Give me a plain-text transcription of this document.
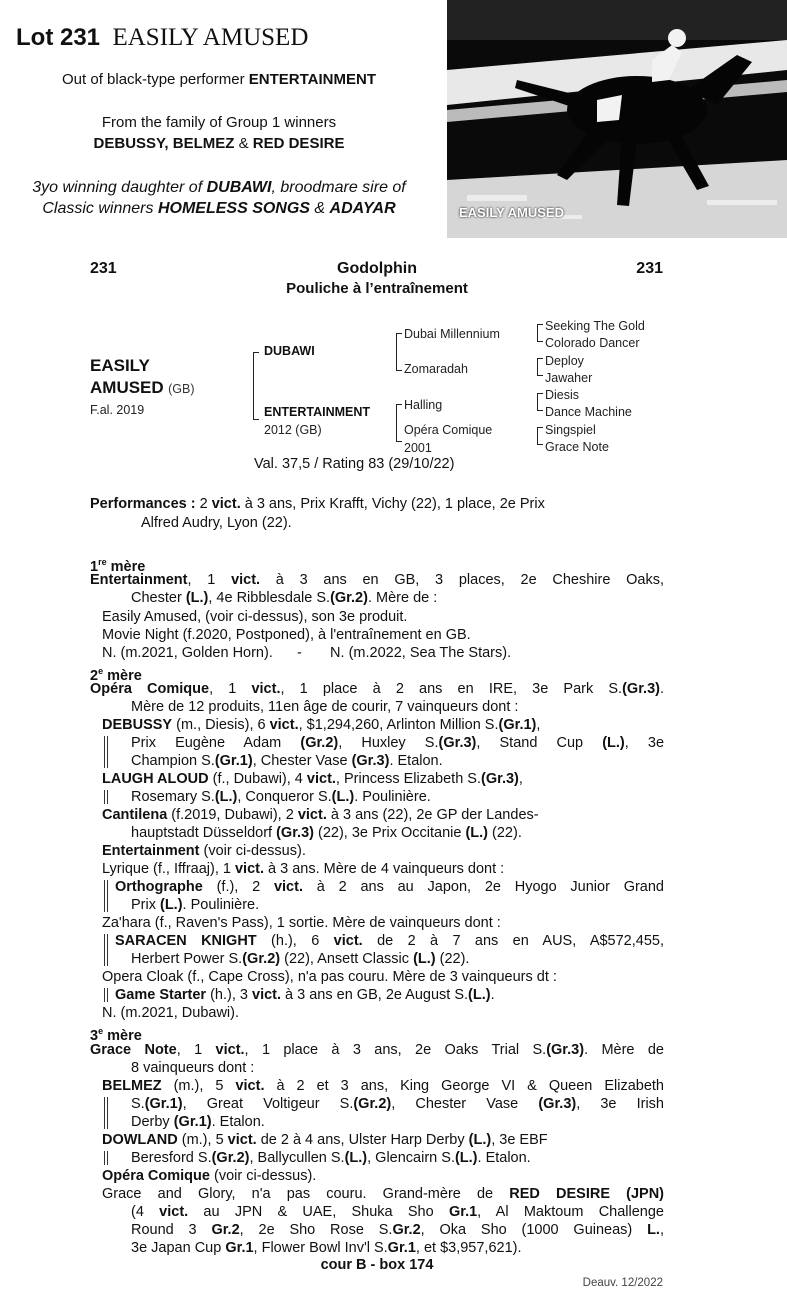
Lot 231 EASILY AMUSED
Out of black-type performer ENTERTAINMENT
From the family of Group 1 winners
DEBUSSY, BELMEZ & RED DESIRE
3yo winning daughter of DUBAWI, broodmare sire of
Classic winners HOMELESS SONGS & ADAYAR	EASILY AMUSED
231	231
Godolphin
Pouliche à l’entraînement
EASILY
AMUSED (GB)
F.al. 2019
DUBAWI
ENTERTAINMENT
2012 (GB)
Dubai Millennium
Zomaradah
Halling
Opéra Comique
2001
Seeking The Gold
Colorado Dancer
Deploy
Jawaher
Diesis
Dance Machine
Singspiel
Grace Note
Val. 37,5 / Rating 83 (29/10/22)
Performances : 2 vict. à 3 ans, Prix Krafft, Vichy (22), 1 place, 2e Prix
Alfred Audry, Lyon (22).
1re mère
Entertainment, 1 vict. à 3 ans en GB, 3 places, 2e Cheshire Oaks,
Chester (L.), 4e Ribblesdale S.(Gr.2). Mère de :
Easily Amused, (voir ci-dessus), son 3e produit.
Movie Night (f.2020, Postponed), à l'entraînement en GB.
N. (m.2021, Golden Horn).      -       N. (m.2022, Sea The Stars).
2e mère
Opéra Comique, 1 vict., 1 place à 2 ans en IRE, 3e Park S.(Gr.3).
Mère de 12 produits, 11en âge de courir, 7 vainqueurs dont :
DEBUSSY (m., Diesis), 6 vict., $1,294,260, Arlinton Million S.(Gr.1),
Prix Eugène Adam (Gr.2), Huxley S.(Gr.3), Stand Cup (L.), 3e
Champion S.(Gr.1), Chester Vase (Gr.3). Etalon.
LAUGH ALOUD (f., Dubawi), 4 vict., Princess Elizabeth S.(Gr.3),
Rosemary S.(L.), Conqueror S.(L.). Poulinière.
Cantilena (f.2019, Dubawi), 2 vict. à 3 ans (22), 2e GP der Landes-
hauptstadt Düsseldorf (Gr.3) (22), 3e Prix Occitanie (L.) (22).
Entertainment (voir ci-dessus).
Lyrique (f., Iffraaj), 1 vict. à 3 ans. Mère de 4 vainqueurs dont :
Orthographe (f.), 2 vict. à 2 ans au Japon, 2e Hyogo Junior Grand
Prix (L.). Poulinière.
Za'hara (f., Raven's Pass), 1 sortie. Mère de vainqueurs dont :
SARACEN KNIGHT (h.), 6 vict. de 2 à 7 ans en AUS, A$572,455,
Herbert Power S.(Gr.2) (22), Ansett Classic (L.) (22).
Opera Cloak (f., Cape Cross), n'a pas couru. Mère de 3 vainqueurs dt :
Game Starter (h.), 3 vict. à 3 ans en GB, 2e August S.(L.).
N. (m.2021, Dubawi).
3e mère
Grace Note, 1 vict., 1 place à 3 ans, 2e Oaks Trial S.(Gr.3). Mère de
8 vainqueurs dont :
BELMEZ (m.), 5 vict. à 2 et 3 ans, King George VI & Queen Elizabeth
S.(Gr.1), Great Voltigeur S.(Gr.2), Chester Vase (Gr.3), 3e Irish
Derby (Gr.1). Etalon.
DOWLAND (m.), 5 vict. de 2 à 4 ans, Ulster Harp Derby (L.), 3e EBF
Beresford S.(Gr.2), Ballycullen S.(L.), Glencairn S.(L.). Etalon.
Opéra Comique (voir ci-dessus).
Grace and Glory, n'a pas couru. Grand-mère de RED DESIRE (JPN)
(4 vict. au JPN & UAE, Shuka Sho Gr.1, Al Maktoum Challenge
Round 3 Gr.2, 2e Sho Rose S.Gr.2, Oka Sho (1000 Guineas) L.,
3e Japan Cup Gr.1, Flower Bowl Inv'l S.Gr.1, et $3,957,621).
cour B - box 174
Deauv. 12/2022
